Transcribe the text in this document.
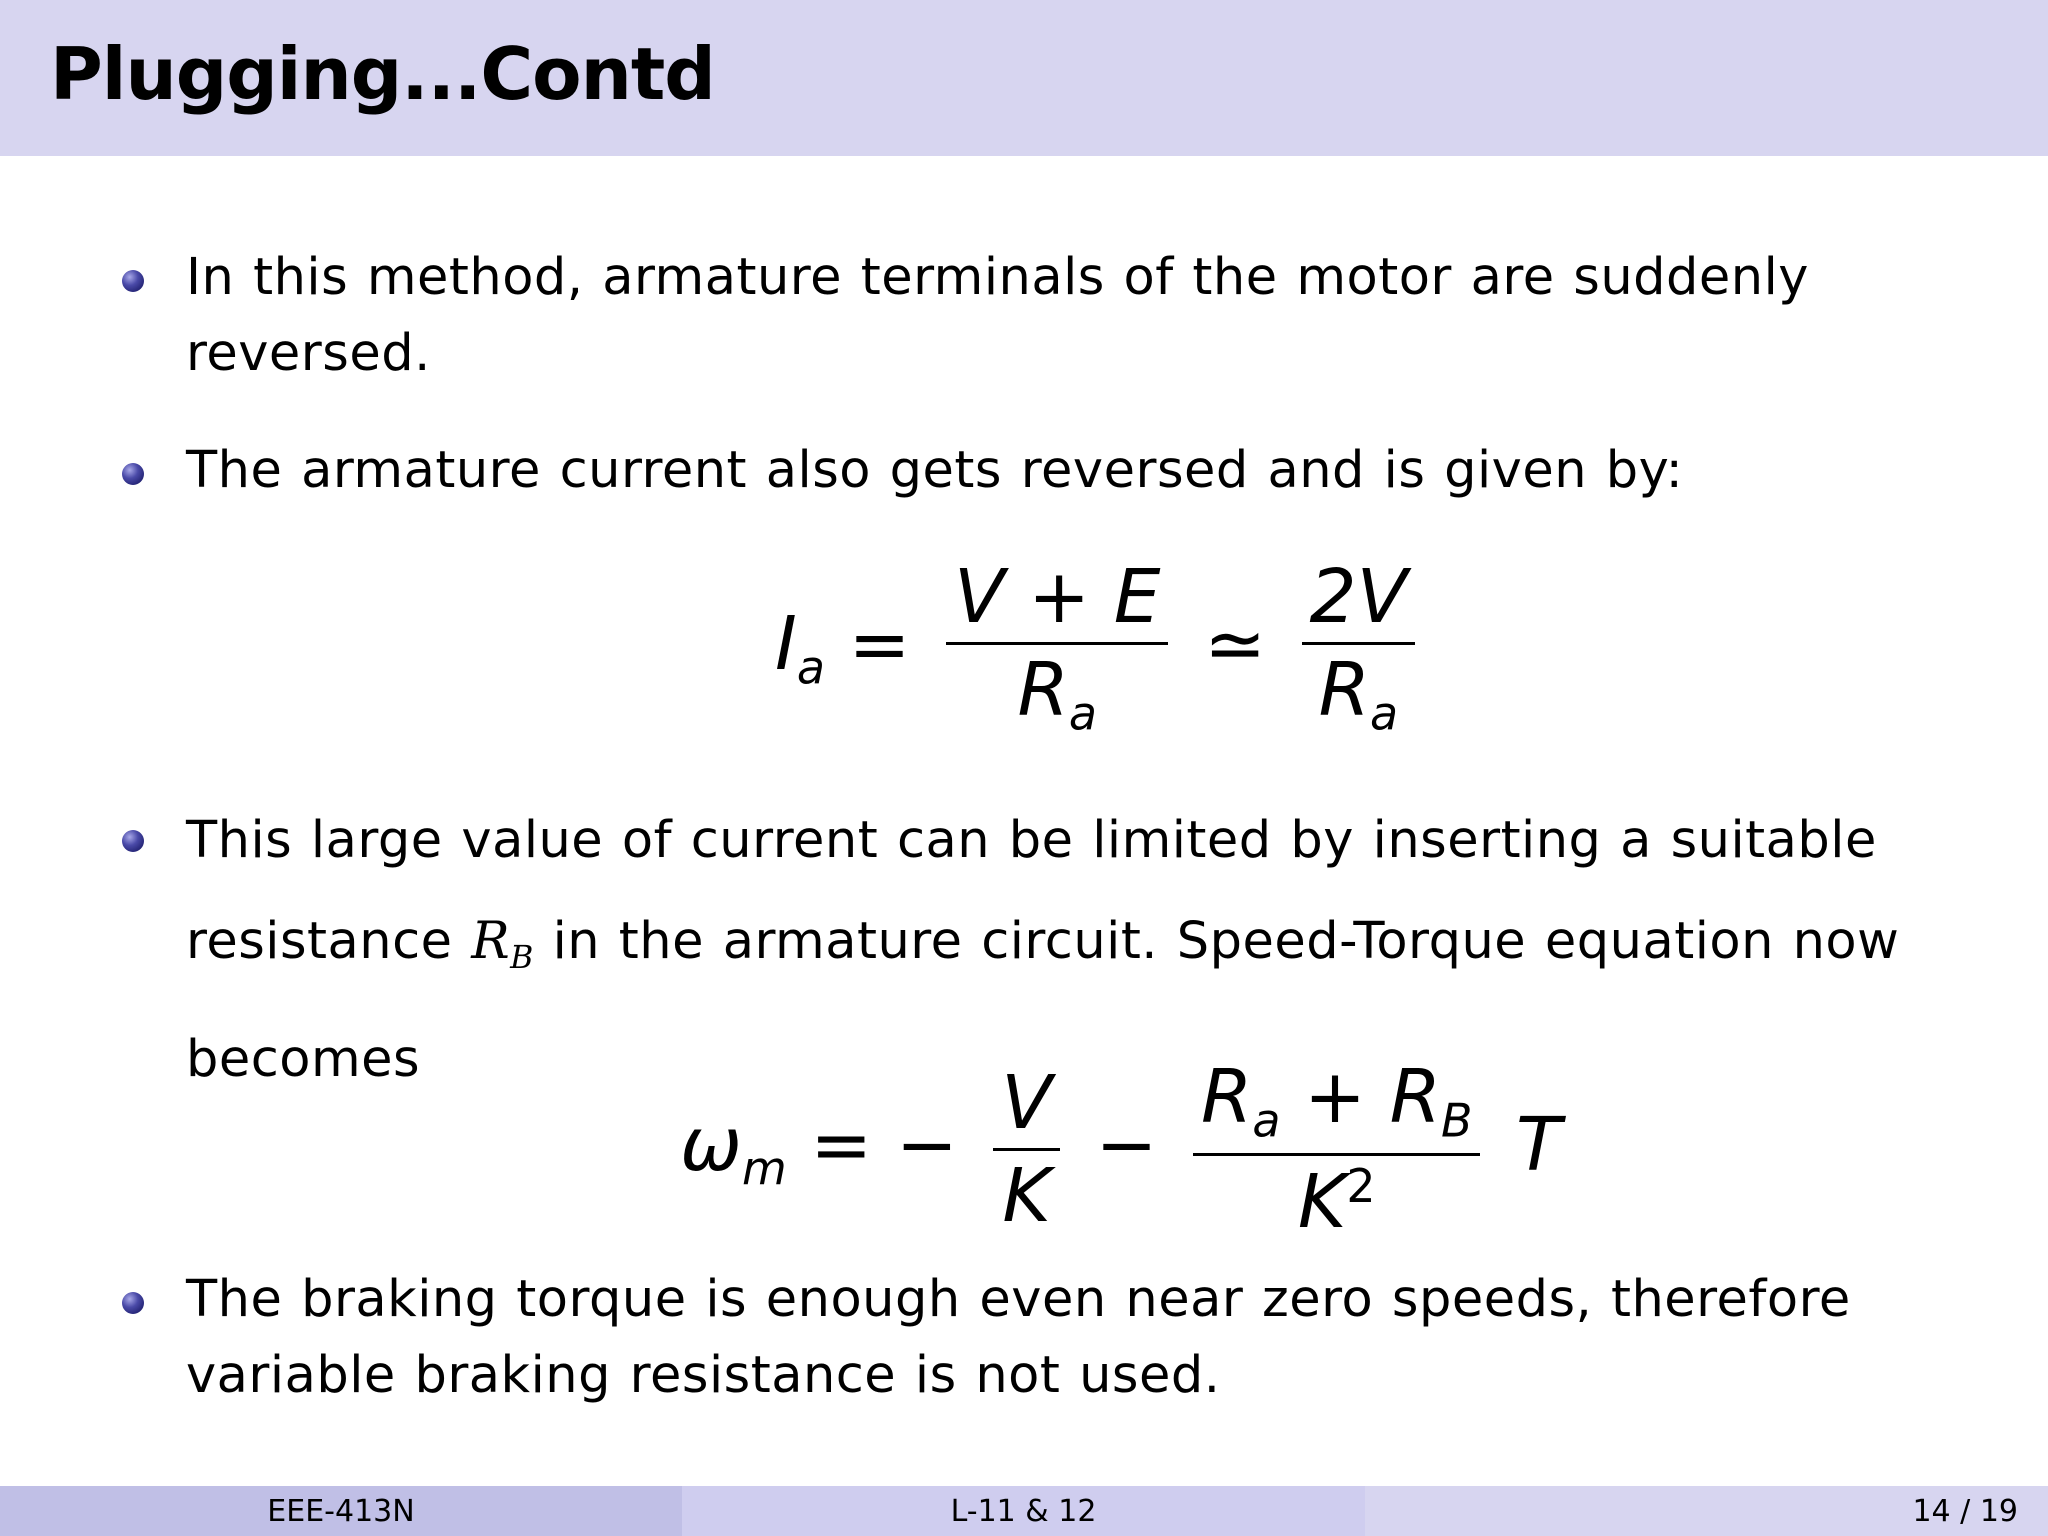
Plugging...Contd
In this method, armature terminals of the motor are suddenly reversed.
The armature current also gets reversed and is given by:
$I_a = \frac{V + E}{R_a}$ ≃ $\frac{2V}{R_a}$
This large value of current can be limited by inserting a suitable resistance $R_B$ in the armature circuit. Speed-Torque equation now becomes
$\omega_m$ = − $\frac{V}{K} - \frac{R_a + R_B}{K^2}$ T
The braking torque is enough even near zero speeds, therefore variable braking resistance is not used.
EEE-413N	L-11 & 12	14 / 19
